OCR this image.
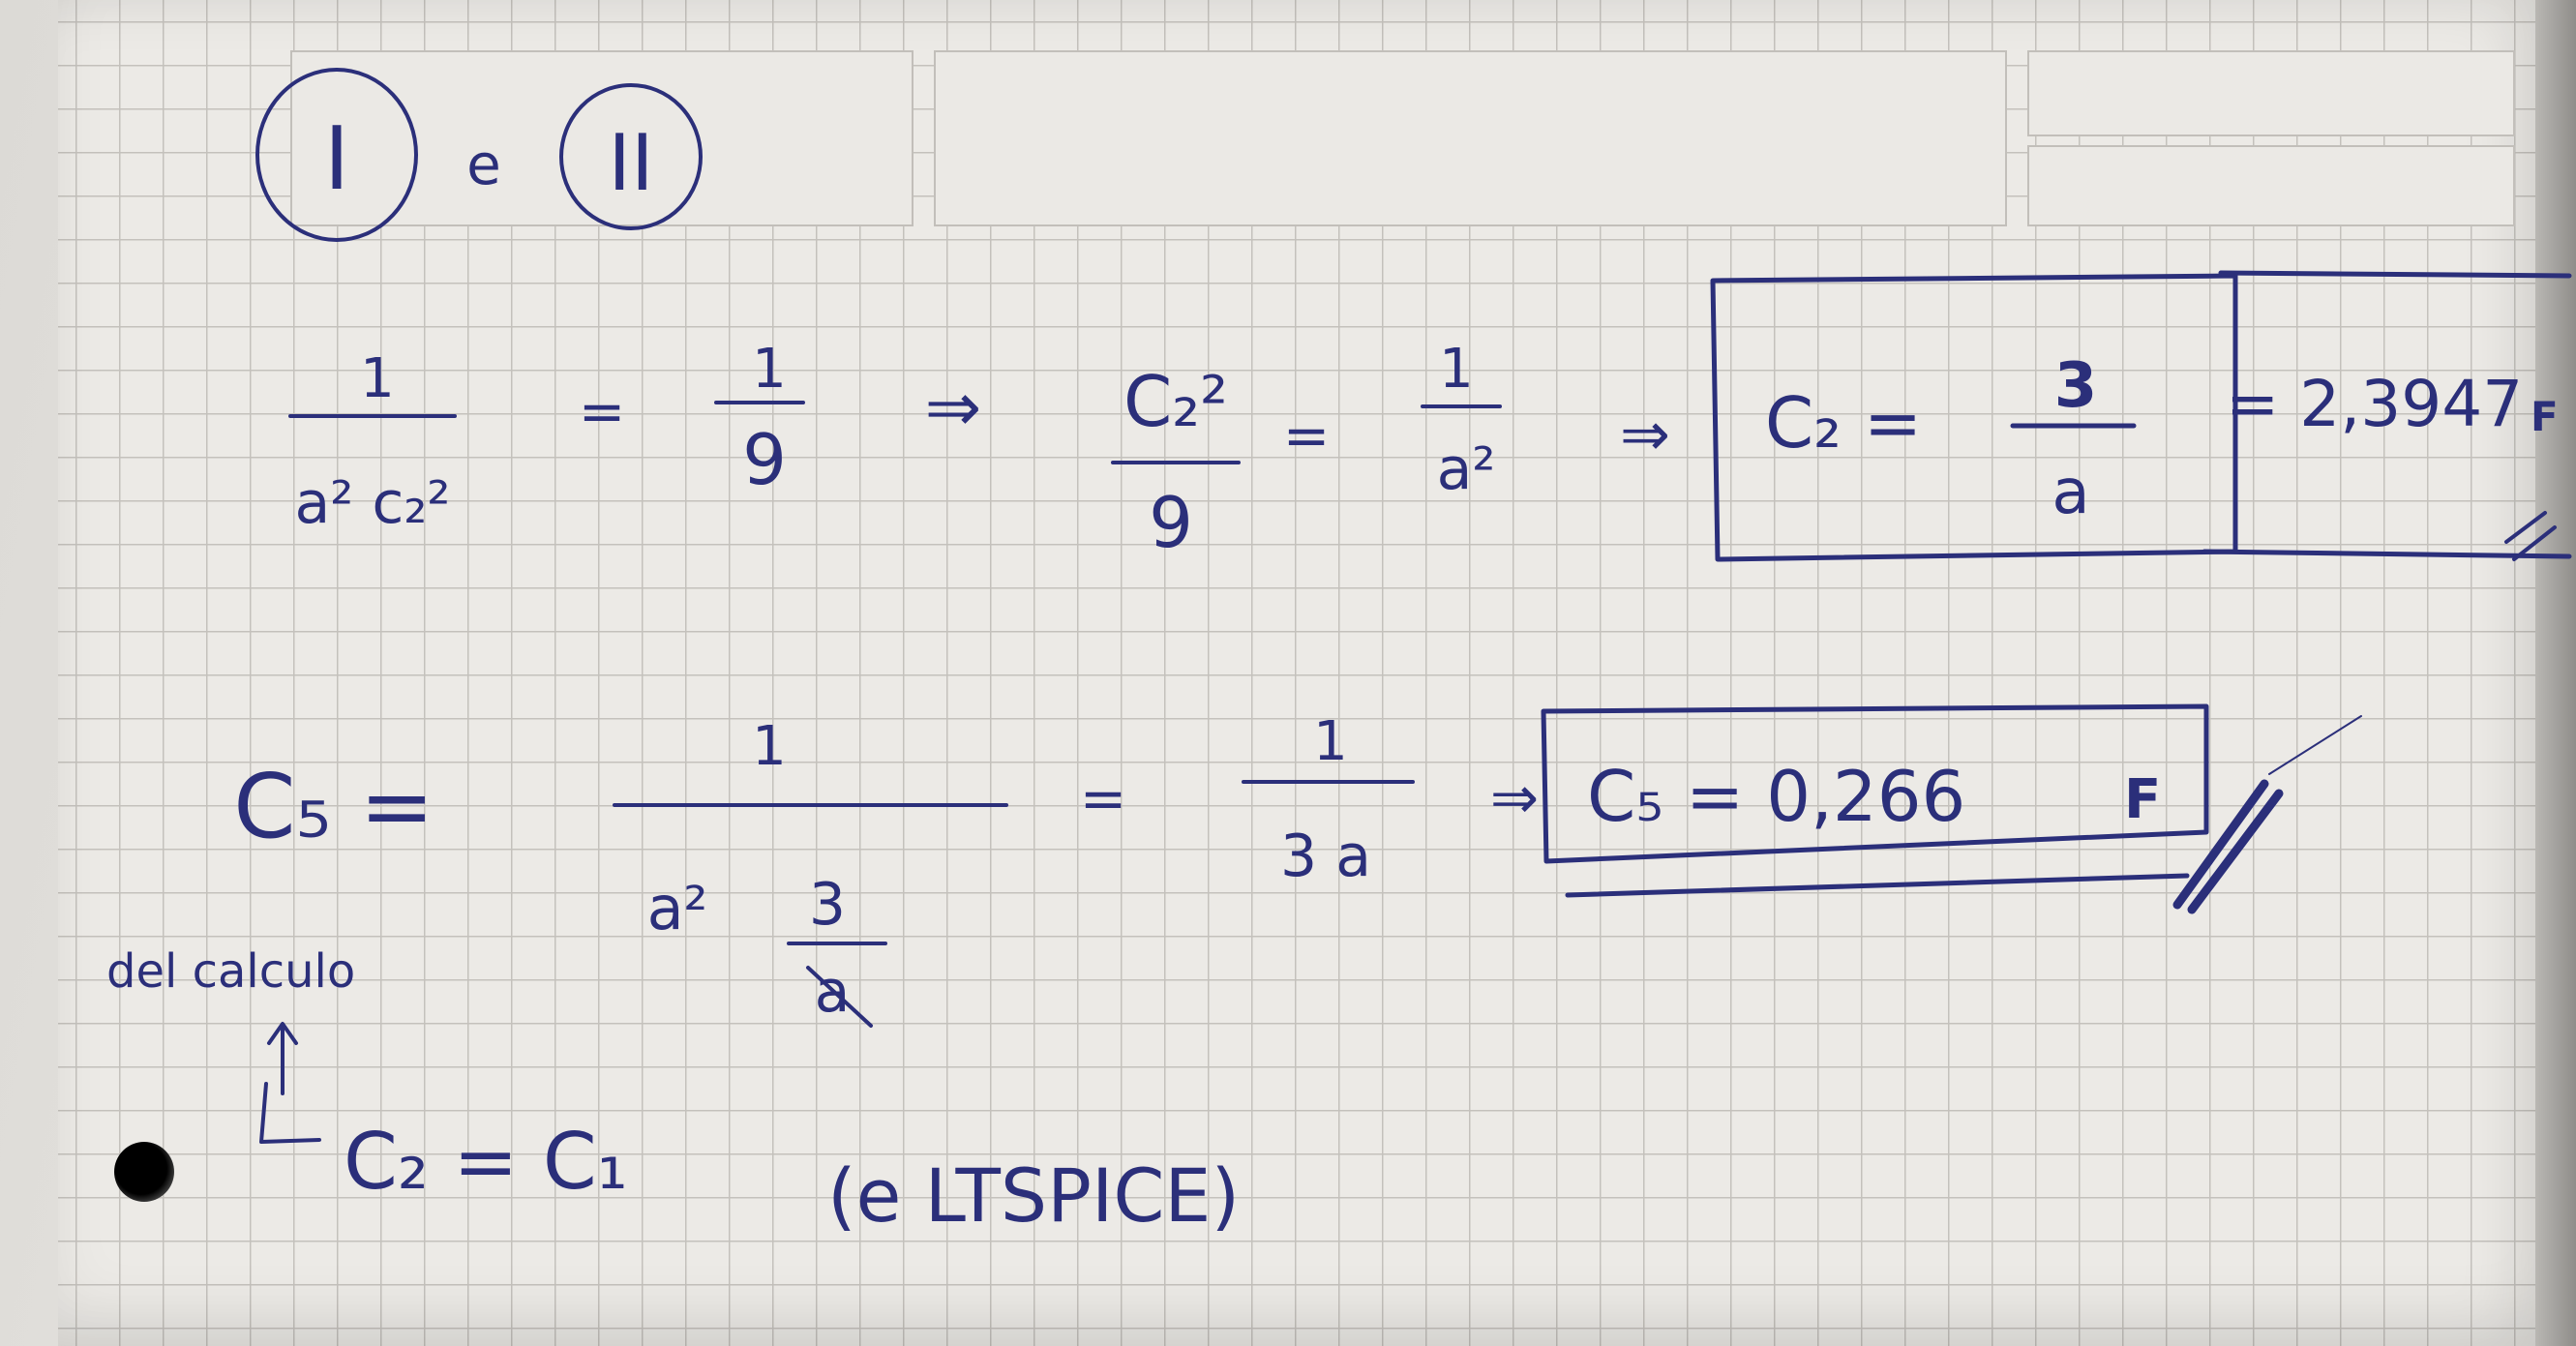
I e II
1
a² c₂²
=
1
9
⇒ C₂²
9
=
1
a² ⇒ C₂ = 3
a
= 2,3947 F
C₅ =
1
a² 3
a
=
1
3 a
⇒ C₅ = 0,266	F
del calculo
C₂ = C₁	(e LTSPICE)
